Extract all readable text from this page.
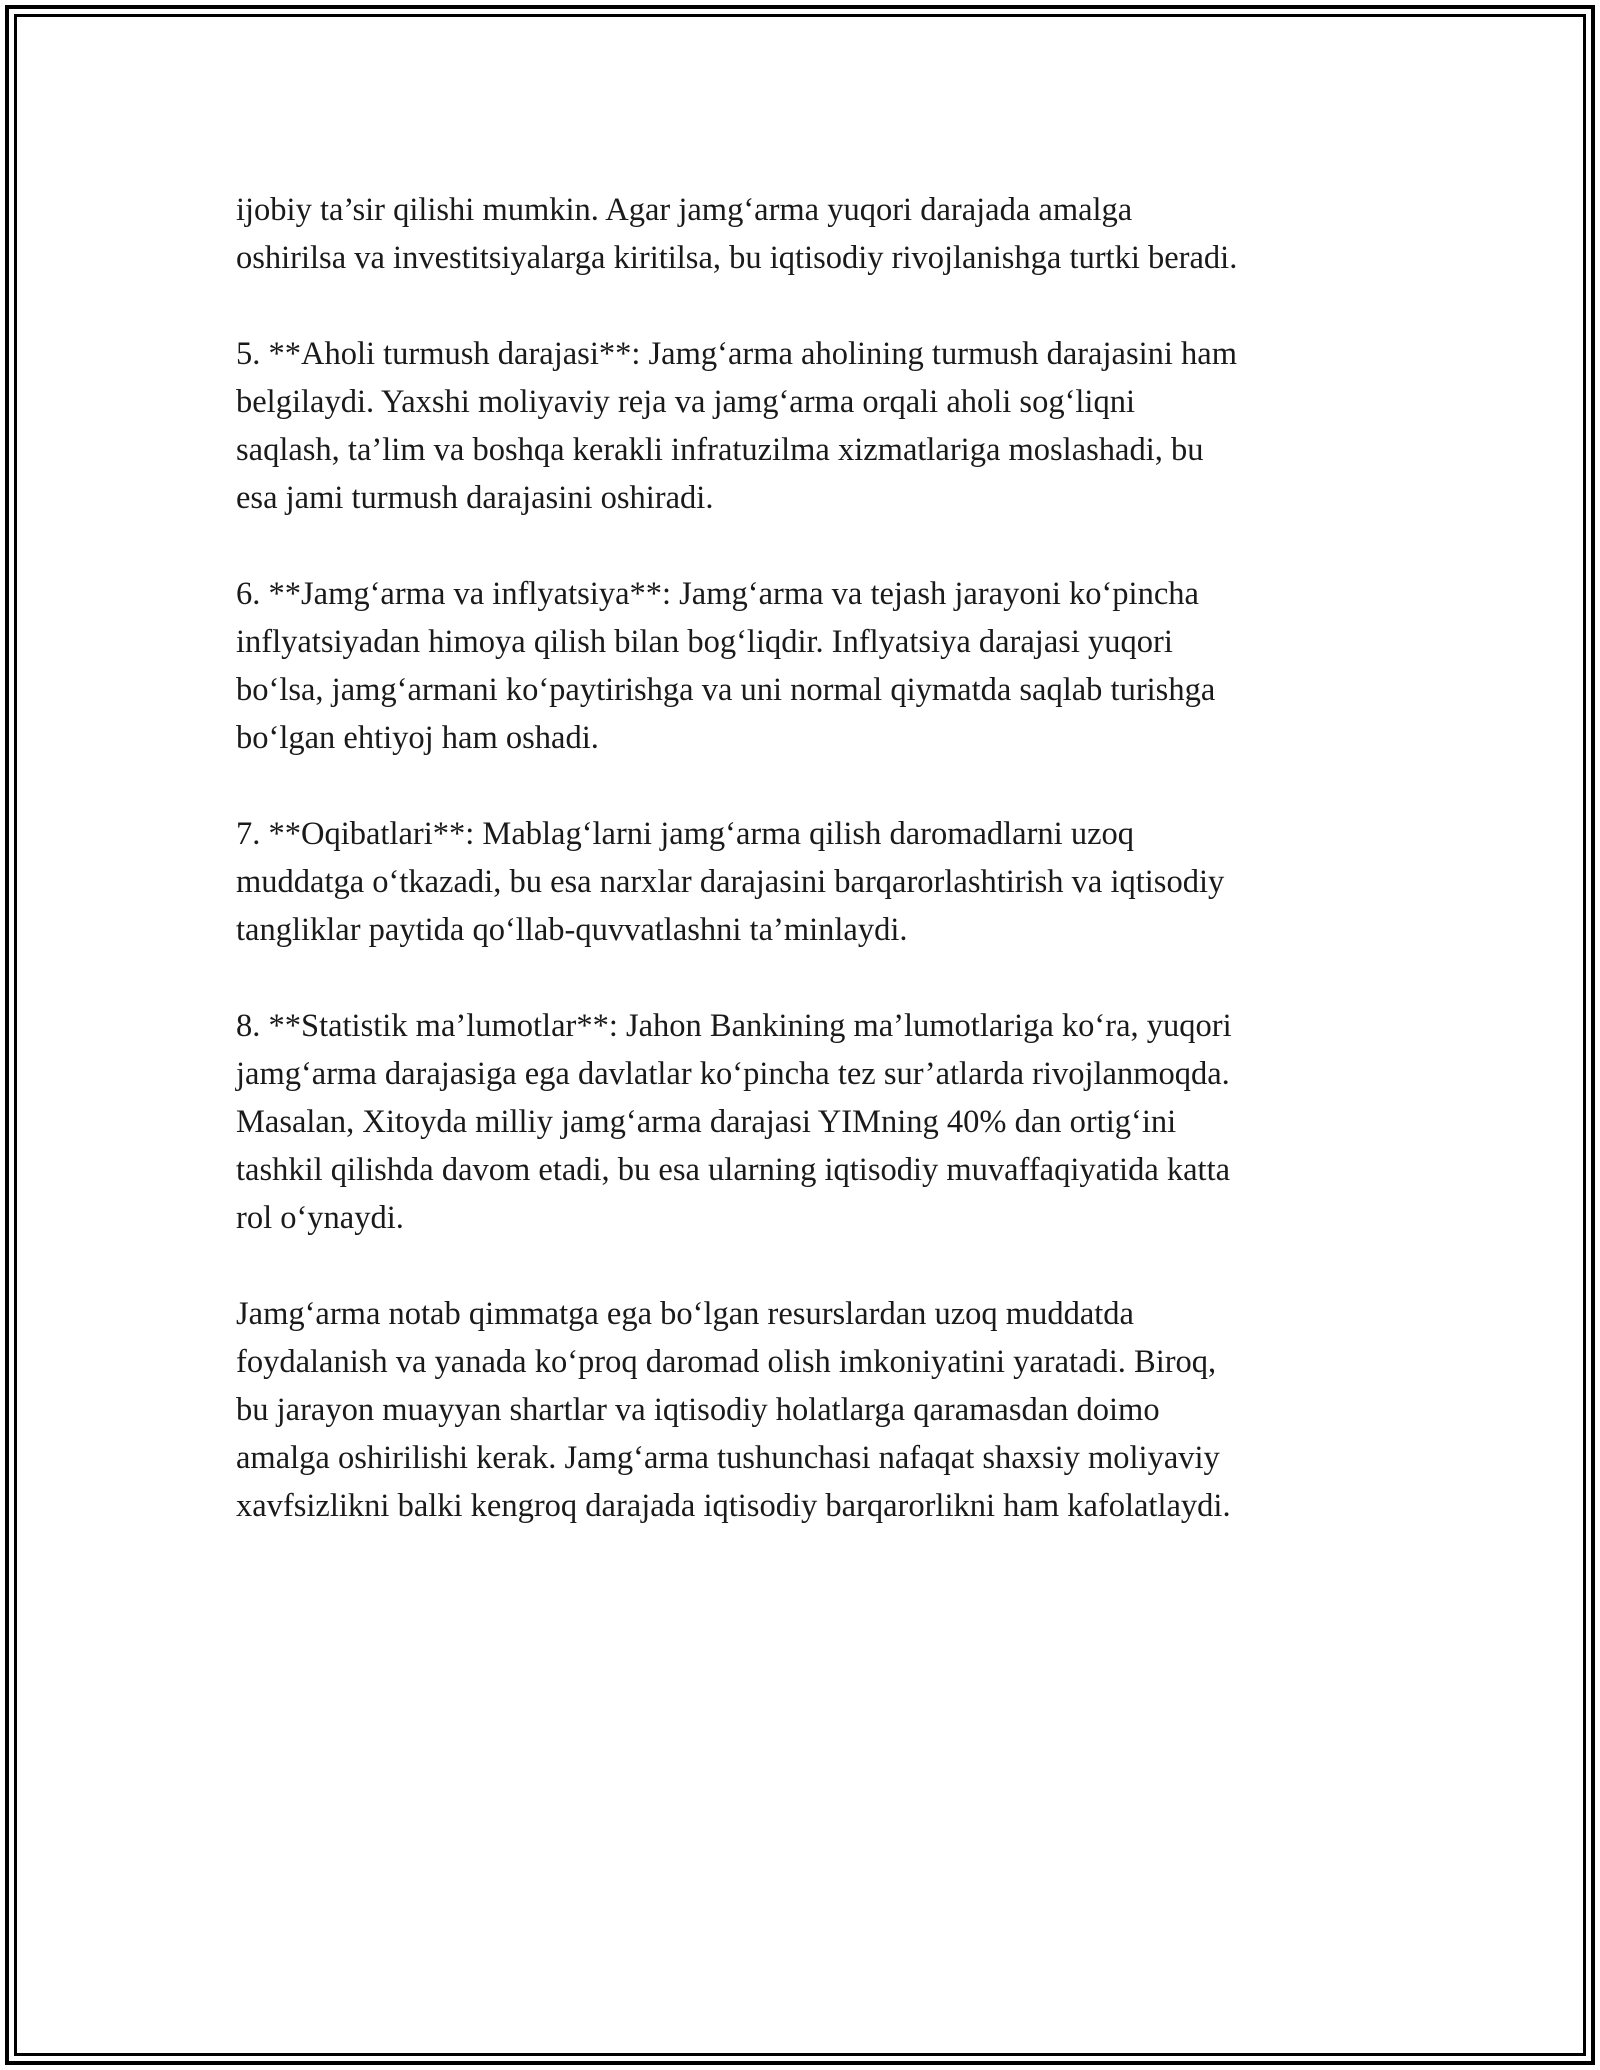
ijobiy ta’sir qilishi mumkin. Agar jamg‘arma yuqori darajada amalga
oshirilsa va investitsiyalarga kiritilsa, bu iqtisodiy rivojlanishga turtki beradi.

5. **Aholi turmush darajasi**: Jamg‘arma aholining turmush darajasini ham
belgilaydi. Yaxshi moliyaviy reja va jamg‘arma orqali aholi sog‘liqni
saqlash, ta’lim va boshqa kerakli infratuzilma xizmatlariga moslashadi, bu
esa jami turmush darajasini oshiradi.

6. **Jamg‘arma va inflyatsiya**: Jamg‘arma va tejash jarayoni ko‘pincha
inflyatsiyadan himoya qilish bilan bog‘liqdir. Inflyatsiya darajasi yuqori
bo‘lsa, jamg‘armani ko‘paytirishga va uni normal qiymatda saqlab turishga
bo‘lgan ehtiyoj ham oshadi.

7. **Oqibatlari**: Mablag‘larni jamg‘arma qilish daromadlarni uzoq
muddatga o‘tkazadi, bu esa narxlar darajasini barqarorlashtirish va iqtisodiy
tangliklar paytida qo‘llab-quvvatlashni ta’minlaydi.

8. **Statistik ma’lumotlar**: Jahon Bankining ma’lumotlariga ko‘ra, yuqori
jamg‘arma darajasiga ega davlatlar ko‘pincha tez sur’atlarda rivojlanmoqda.
Masalan, Xitoyda milliy jamg‘arma darajasi YIMning 40% dan ortig‘ini
tashkil qilishda davom etadi, bu esa ularning iqtisodiy muvaffaqiyatida katta
rol o‘ynaydi.

Jamg‘arma notab qimmatga ega bo‘lgan resurslardan uzoq muddatda
foydalanish va yanada ko‘proq daromad olish imkoniyatini yaratadi. Biroq,
bu jarayon muayyan shartlar va iqtisodiy holatlarga qaramasdan doimo
amalga oshirilishi kerak. Jamg‘arma tushunchasi nafaqat shaxsiy moliyaviy
xavfsizlikni balki kengroq darajada iqtisodiy barqarorlikni ham kafolatlaydi.
